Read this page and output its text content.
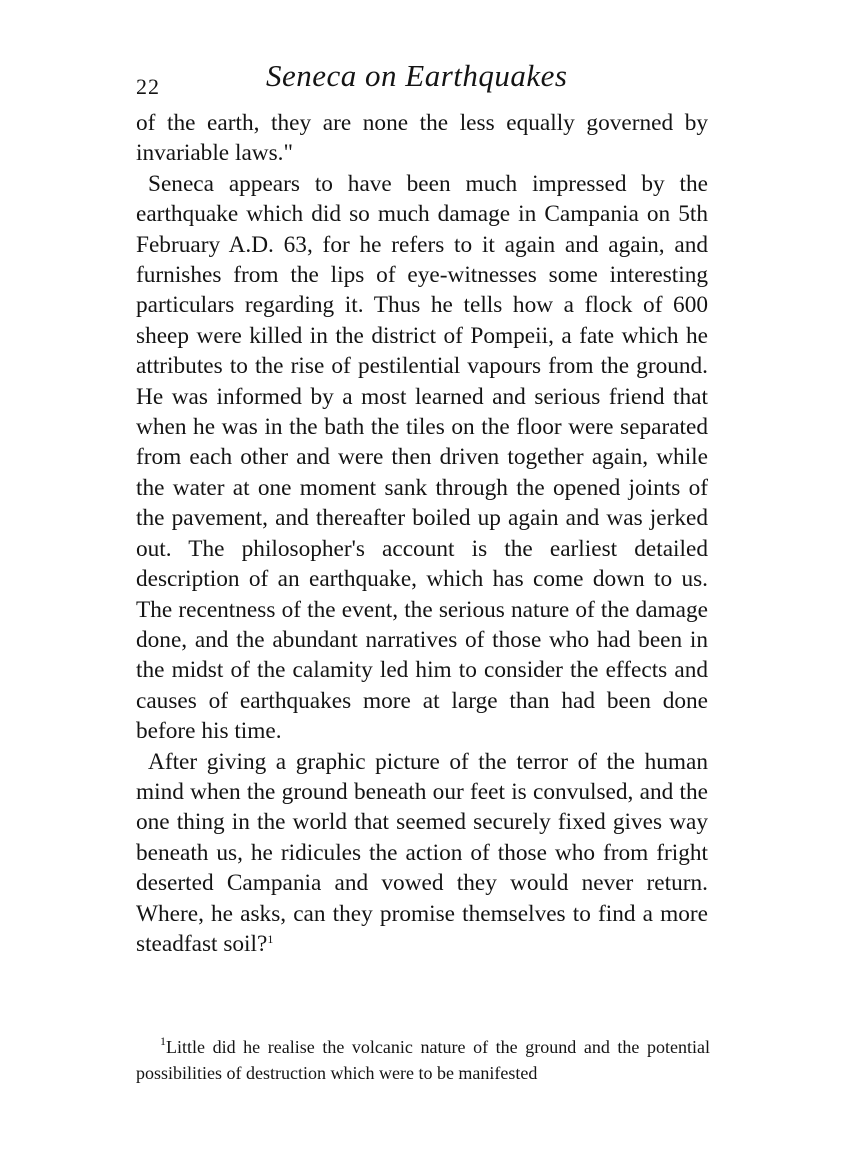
22	Seneca on Earthquakes

of the earth, they are none the less equally governed by invariable laws."

Seneca appears to have been much impressed by the earthquake which did so much damage in Campania on 5th February A.D. 63, for he refers to it again and again, and furnishes from the lips of eye-witnesses some interesting particulars regarding it. Thus he tells how a flock of 600 sheep were killed in the district of Pompeii, a fate which he attributes to the rise of pestilential vapours from the ground. He was informed by a most learned and serious friend that when he was in the bath the tiles on the floor were separated from each other and were then driven together again, while the water at one moment sank through the opened joints of the pavement, and thereafter boiled up again and was jerked out. The philosopher's account is the earliest detailed description of an earthquake, which has come down to us. The recentness of the event, the serious nature of the damage done, and the abundant narratives of those who had been in the midst of the calamity led him to consider the effects and causes of earthquakes more at large than had been done before his time.

After giving a graphic picture of the terror of the human mind when the ground beneath our feet is convulsed, and the one thing in the world that seemed securely fixed gives way beneath us, he ridicules the action of those who from fright deserted Campania and vowed they would never return. Where, he asks, can they promise themselves to find a more steadfast soil?$^1$

$^1$Little did he realise the volcanic nature of the ground and the potential possibilities of destruction which were to be manifested
